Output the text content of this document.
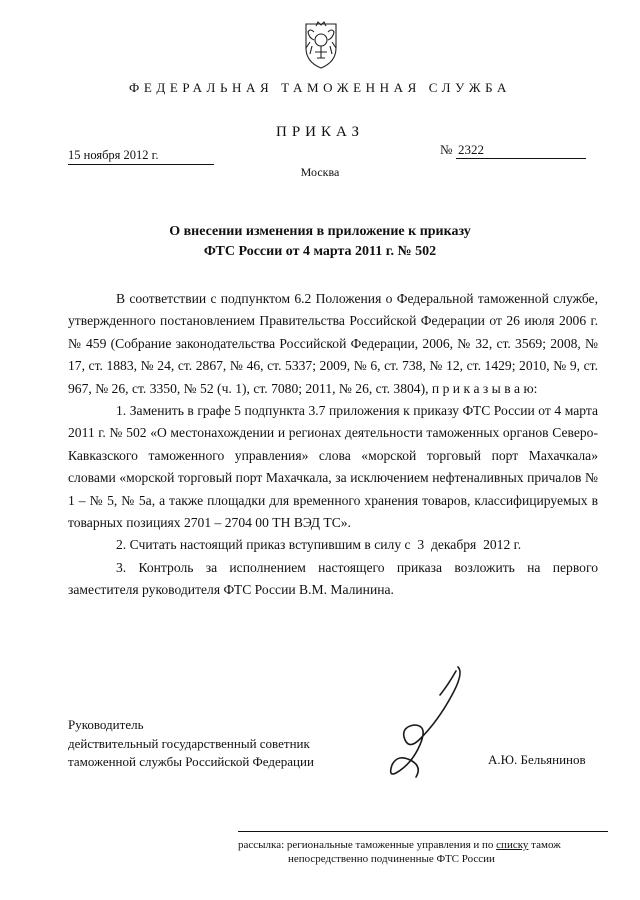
ФЕДЕРАЛЬНАЯ ТАМОЖЕННАЯ СЛУЖБА
ПРИКАЗ
15 ноября 2012 г.	№ 2322
Москва
О внесении изменения в приложение к приказу
ФТС России от 4 марта 2011 г. № 502

В соответствии с подпунктом 6.2 Положения о Федеральной таможенной службе, утвержденного постановлением Правительства Российской Федерации от 26 июля 2006 г. № 459 (Собрание законодательства Российской Федерации, 2006, № 32, ст. 3569; 2008, № 17, ст. 1883, № 24, ст. 2867, № 46, ст. 5337; 2009, № 6, ст. 738, № 12, ст. 1429; 2010, № 9, ст. 967, № 26, ст. 3350, № 52 (ч. 1), ст. 7080; 2011, № 26, ст. 3804), п р и к а з ы в а ю:

1. Заменить в графе 5 подпункта 3.7 приложения к приказу ФТС России от 4 марта 2011 г. № 502 «О местонахождении и регионах деятельности таможенных органов Северо-Кавказского таможенного управления» слова «морской торговый порт Махачкала» словами «морской торговый порт Махачкала, за исключением нефтеналивных причалов № 1 – № 5, № 5а, а также площадки для временного хранения товаров, классифицируемых в товарных позициях 2701 – 2704 00 ТН ВЭД ТС».

2. Считать настоящий приказ вступившим в силу с  3  декабря  2012 г.

3. Контроль за исполнением настоящего приказа возложить на первого заместителя руководителя ФТС России В.М. Малинина.

Руководитель
действительный государственный советник
таможенной службы Российской Федерации	А.Ю. Бельянинов
рассылка: региональные таможенные управления и по списку тамож
непосредственно подчиненные ФТС России
